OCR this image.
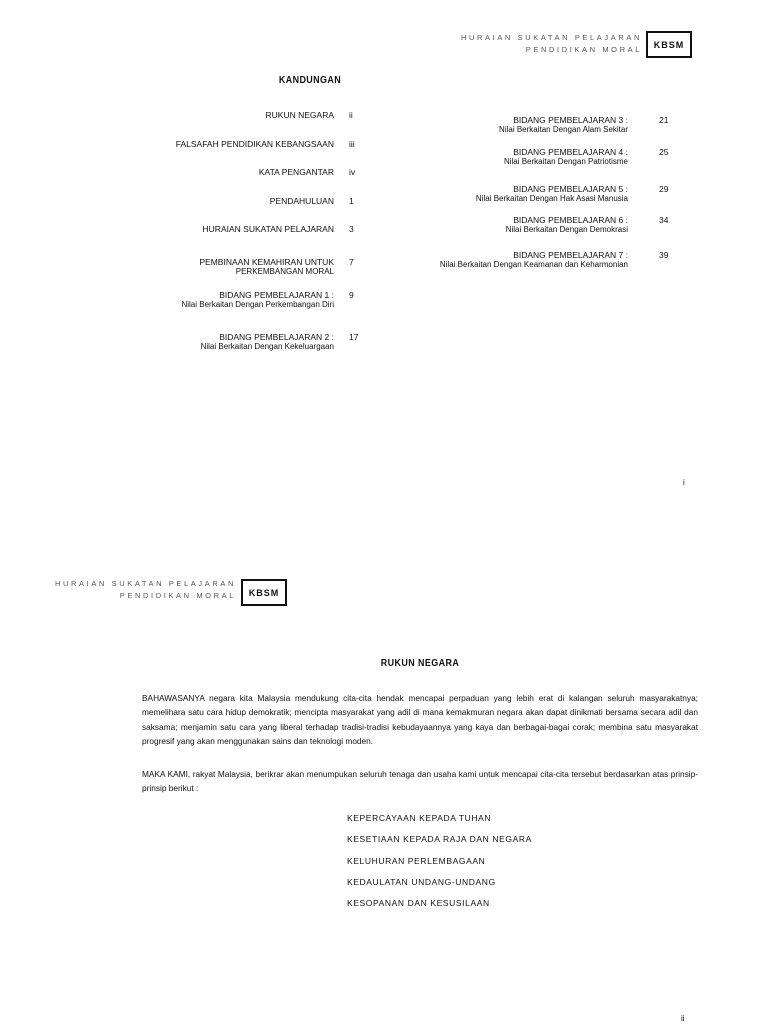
HURAIAN SUKATAN PELAJARAN
PENDIDIKAN MORAL	KBSM
KANDUNGAN
RUKUN NEGARA ii
FALSAFAH PENDIDIKAN KEBANGSAAN iii
KATA PENGANTAR iv
PENDAHULUAN 1
HURAIAN SUKATAN PELAJARAN 3
PEMBINAAN KEMAHIRAN UNTUK
PERKEMBANGAN MORAL
7
BIDANG PEMBELAJARAN 1 :
Nilai Berkaitan Dengan Perkembangan Diri
9
BIDANG PEMBELAJARAN 2 :
Nilai Berkaitan Dengan Kekeluargaan
17
BIDANG PEMBELAJARAN 3 :
Nilai Berkaitan Dengan Alam Sekitar
21
BIDANG PEMBELAJARAN 4 :
Nilai Berkaitan Dengan Patriotisme
25
BIDANG PEMBELAJARAN 5 :
Nilai Berkaitan Dengan Hak Asasi Manusia
29
BIDANG PEMBELAJARAN 6 :
Nilai Berkaitan Dengan Demokrasi
34
BIDANG PEMBELAJARAN 7 :
Nilai Berkaitan Dengan Keamanan dan Keharmonian
39
i
HURAIAN SUKATAN PELAJARAN
PENDIDIKAN MORAL	KBSM
RUKUN NEGARA
BAHAWASANYA negara kita Malaysia mendukung cita-cita hendak mencapai perpaduan yang lebih erat di kalangan seluruh masyarakatnya; memelihara satu cara hidup demokratik; mencipta masyarakat yang adil di mana kemakmuran negara akan dapat dinikmati bersama secara adil dan saksama; menjamin satu cara yang liberal terhadap tradisi-tradisi kebudayaannya yang kaya dan berbagai-bagai corak; membina satu masyarakat progresif yang akan menggunakan sains dan teknologi moden.
MAKA KAMI, rakyat Malaysia, berikrar akan menumpukan seluruh tenaga dan usaha kami untuk mencapai cita-cita tersebut berdasarkan atas prinsip-prinsip berikut :
KEPERCAYAAN KEPADA TUHAN
KESETIAAN KEPADA RAJA DAN NEGARA
KELUHURAN PERLEMBAGAAN
KEDAULATAN UNDANG-UNDANG
KESOPANAN DAN KESUSILAAN
ii
